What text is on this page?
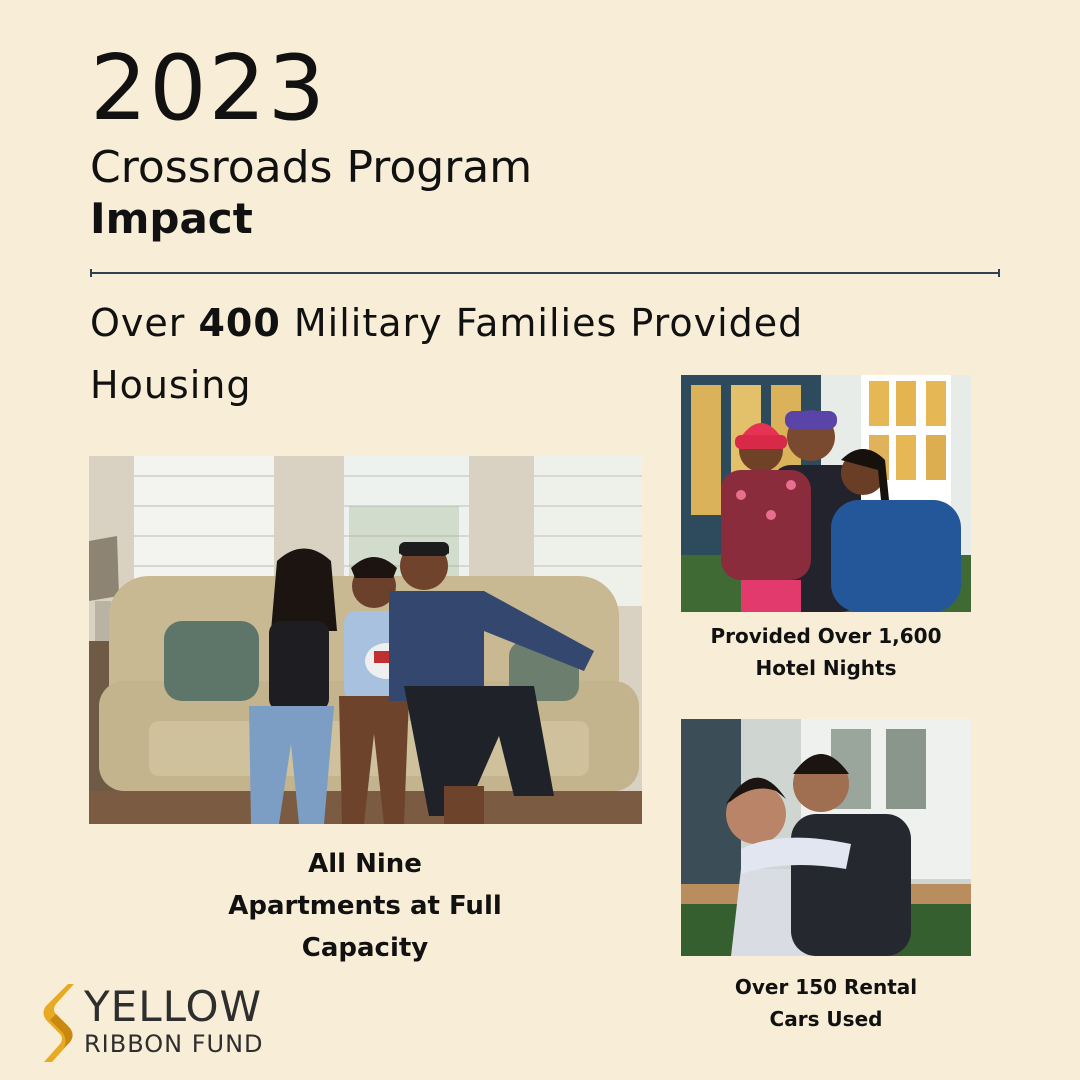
2023
Crossroads Program
Impact
Over 400 Military Families Provided Housing
All Nine
Apartments at Full
Capacity
Provided Over 1,600
Hotel Nights
Over 150 Rental
Cars Used
YELLOW
RIBBON FUND
